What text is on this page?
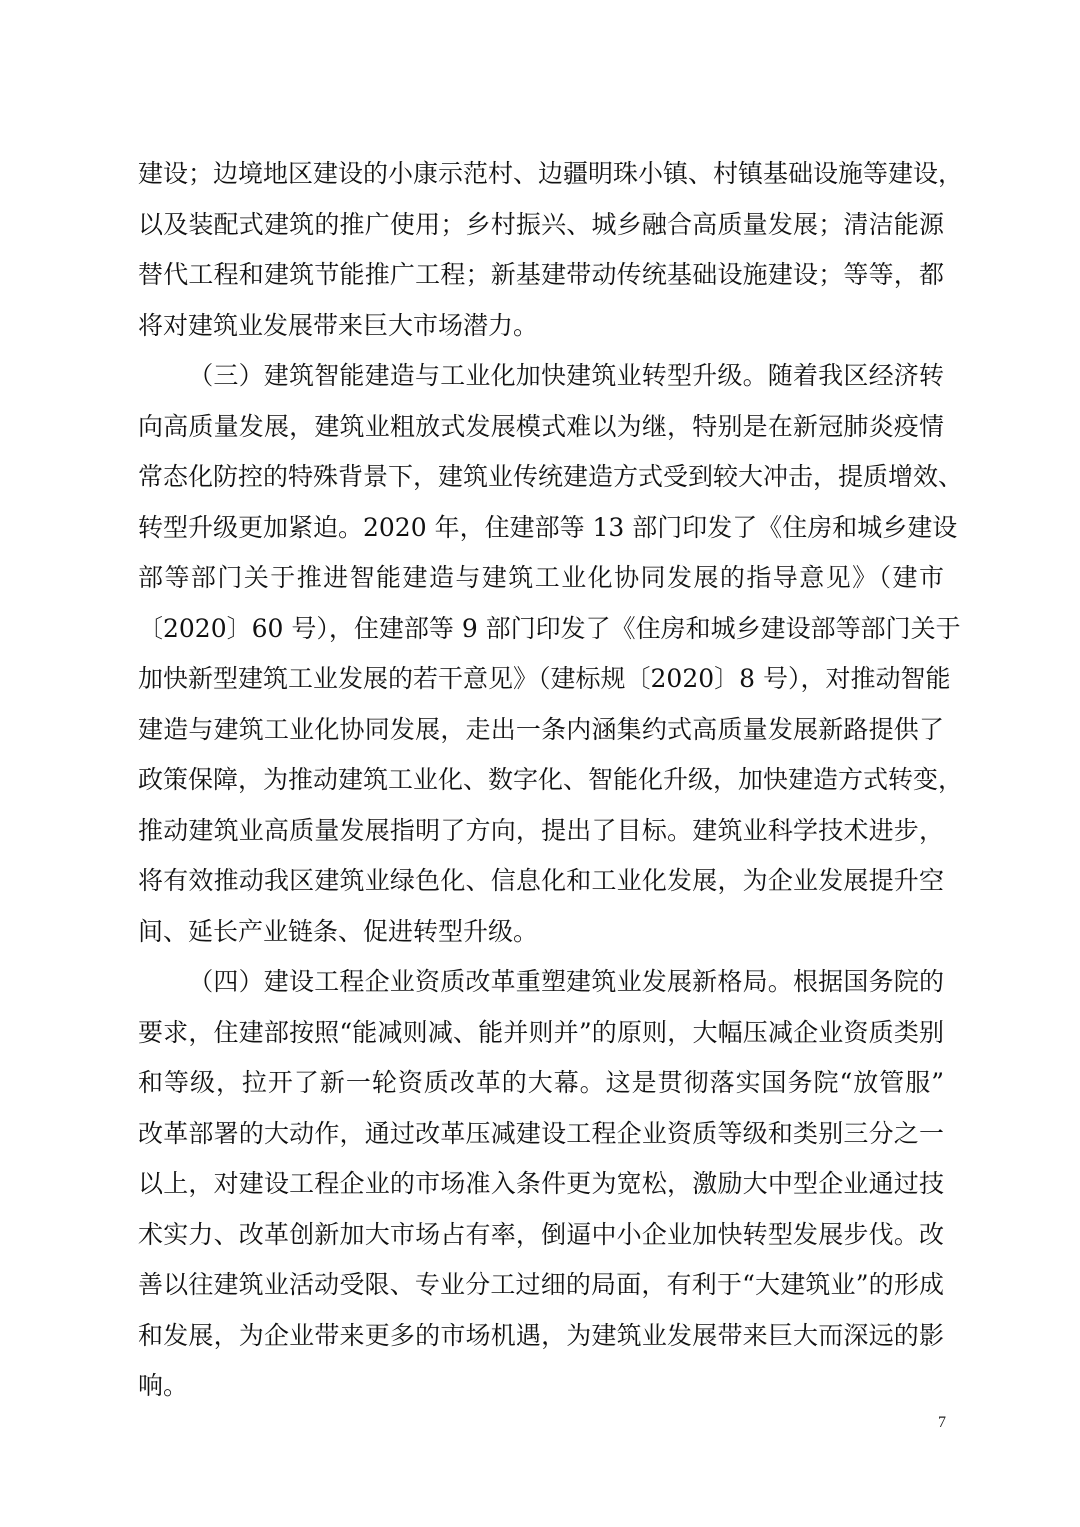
建设；边境地区建设的小康示范村、边疆明珠小镇、村镇基础设施等建设，
以及装配式建筑的推广使用；乡村振兴、城乡融合高质量发展；清洁能源
替代工程和建筑节能推广工程；新基建带动传统基础设施建设；等等，都
将对建筑业发展带来巨大市场潜力。

（三）建筑智能建造与工业化加快建筑业转型升级。随着我区经济转
向高质量发展，建筑业粗放式发展模式难以为继，特别是在新冠肺炎疫情
常态化防控的特殊背景下，建筑业传统建造方式受到较大冲击，提质增效、
转型升级更加紧迫。2020 年，住建部等 13 部门印发了《住房和城乡建设
部等部门关于推进智能建造与建筑工业化协同发展的指导意见》（建市
〔2020〕60 号），住建部等 9 部门印发了《住房和城乡建设部等部门关于
加快新型建筑工业发展的若干意见》（建标规〔2020〕8 号），对推动智能
建造与建筑工业化协同发展，走出一条内涵集约式高质量发展新路提供了
政策保障，为推动建筑工业化、数字化、智能化升级，加快建造方式转变，
推动建筑业高质量发展指明了方向，提出了目标。建筑业科学技术进步，
将有效推动我区建筑业绿色化、信息化和工业化发展，为企业发展提升空
间、延长产业链条、促进转型升级。

（四）建设工程企业资质改革重塑建筑业发展新格局。根据国务院的
要求，住建部按照“能减则减、能并则并”的原则，大幅压减企业资质类别
和等级，拉开了新一轮资质改革的大幕。这是贯彻落实国务院“放管服”
改革部署的大动作，通过改革压减建设工程企业资质等级和类别三分之一
以上，对建设工程企业的市场准入条件更为宽松，激励大中型企业通过技
术实力、改革创新加大市场占有率，倒逼中小企业加快转型发展步伐。改
善以往建筑业活动受限、专业分工过细的局面，有利于“大建筑业”的形成
和发展，为企业带来更多的市场机遇，为建筑业发展带来巨大而深远的影
响。

7
